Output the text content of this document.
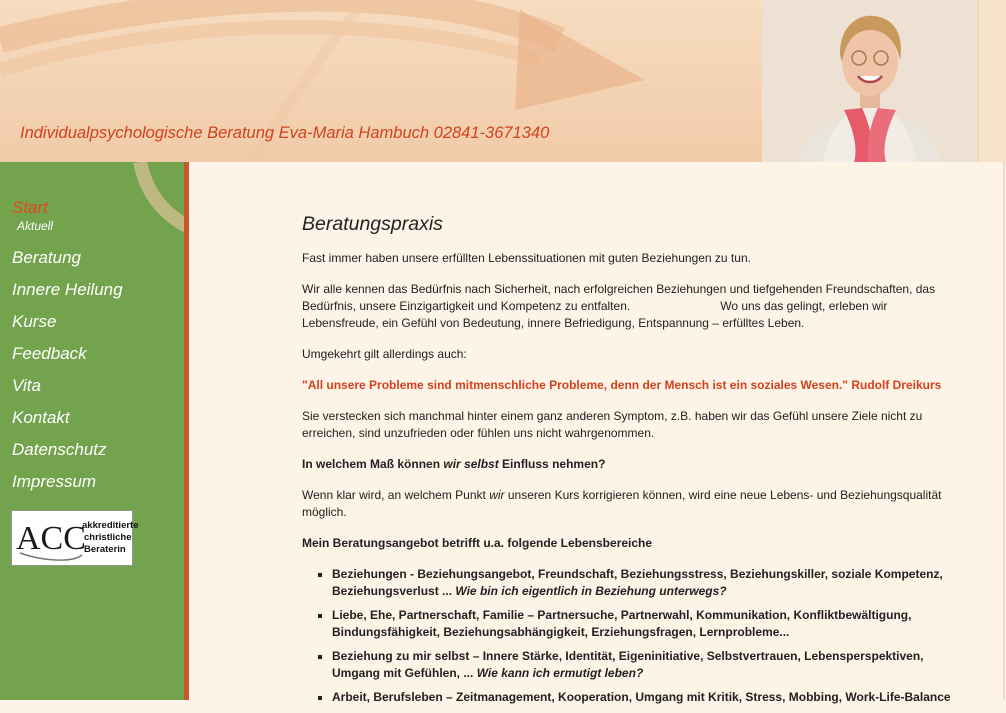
Individualpsychologische Beratung Eva-Maria Hambuch 02841-3671340
Start
Aktuell
Beratung
Innere Heilung
Kurse
Feedback
Vita
Kontakt
Datenschutz
Impressum
ACC
akkreditierte
christliche
Beraterin
Beratungspraxis

Fast immer haben unsere erfüllten Lebenssituationen mit guten Beziehungen zu tun.

Wir alle kennen das Bedürfnis nach Sicherheit, nach erfolgreichen Beziehungen und tiefgehenden Freundschaften, das Bedürfnis, unsere Einzigartigkeit und Kompetenz zu entfalten.	Wo uns das gelingt, erleben wir Lebensfreude, ein Gefühl von Bedeutung, innere Befriedigung, Entspannung – erfülltes Leben.

Umgekehrt gilt allerdings auch:

"All unsere Probleme sind mitmenschliche Probleme, denn der Mensch ist ein soziales Wesen." Rudolf Dreikurs

Sie verstecken sich manchmal hinter einem ganz anderen Symptom, z.B. haben wir das Gefühl unsere Ziele nicht zu erreichen, sind unzufrieden oder fühlen uns nicht wahrgenommen.

In welchem Maß können wir selbst Einfluss nehmen?

Wenn klar wird, an welchem Punkt wir unseren Kurs korrigieren können, wird eine neue Lebens- und Beziehungsqualität möglich.

Mein Beratungsangebot betrifft u.a. folgende Lebensbereiche

▪ Beziehungen - Beziehungsangebot, Freundschaft, Beziehungsstress, Beziehungskiller, soziale Kompetenz, Beziehungsverlust ... Wie bin ich eigentlich in Beziehung unterwegs?
▪ Liebe, Ehe, Partnerschaft, Familie – Partnersuche, Partnerwahl, Kommunikation, Konfliktbewältigung, Bindungsfähigkeit, Beziehungsabhängigkeit, Erziehungsfragen, Lernprobleme...
▪ Beziehung zu mir selbst – Innere Stärke, Identität, Eigeninitiative, Selbstvertrauen, Lebensperspektiven, Umgang mit Gefühlen, ... Wie kann ich ermutigt leben?
▪ Arbeit, Berufsleben – Zeitmanagement, Kooperation, Umgang mit Kritik, Stress, Mobbing, Work-Life-Balance
